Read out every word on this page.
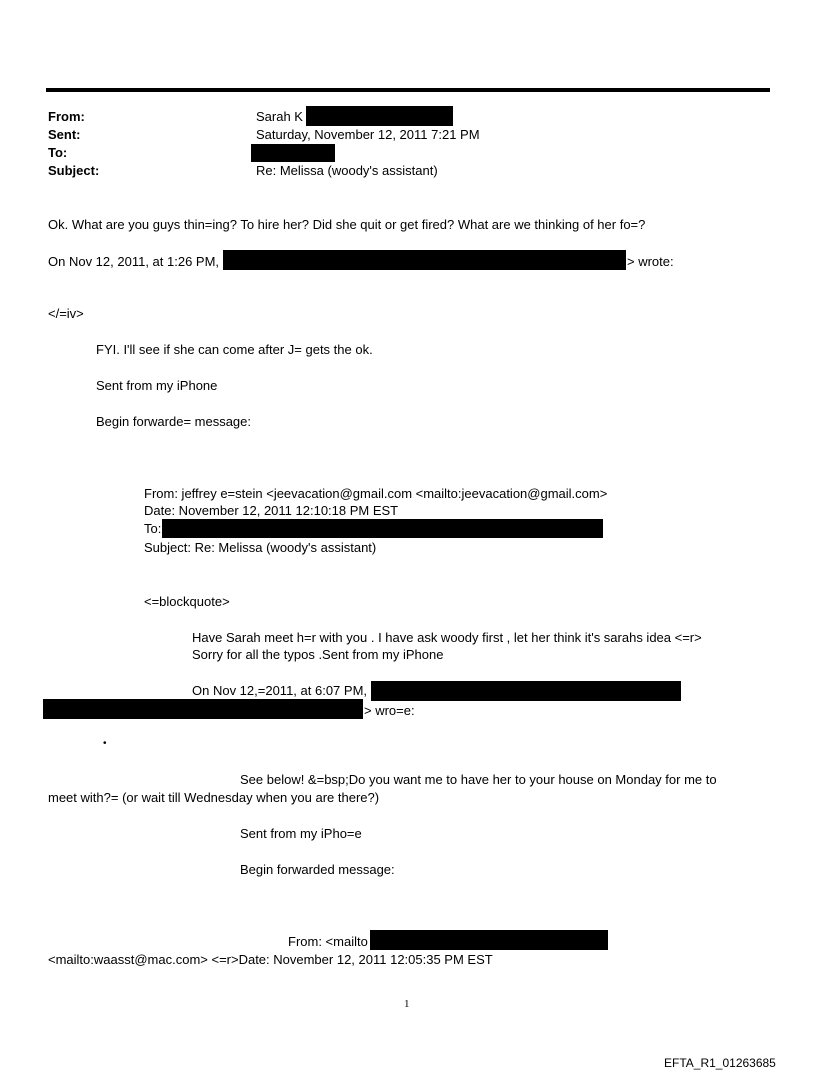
From:	Sarah K
Sent:	Saturday, November 12, 2011 7:21 PM
To:
Subject:	Re: Melissa (woody's assistant)
Ok. What are you guys thin=ing? To hire her? Did she quit or get fired? What are we thinking of her fo=?
On Nov 12, 2011, at 1:26 PM,	> wrote:
</=iv>
FYI. I'll see if she can come after J= gets the ok.
Sent from my iPhone
Begin forwarde= message:
From: jeffrey e=stein <jeevacation@gmail.com <mailto:jeevacation@gmail.com>
Date: November 12, 2011 12:10:18 PM EST
To:
Subject: Re: Melissa (woody's assistant)
<=blockquote>
Have Sarah meet h=r with you . I have ask woody first , let her think it's sarahs idea <=r>
Sorry for all the typos .Sent from my iPhone
On Nov 12,=2011, at 6:07 PM,
> wro=e:
•
See below! &=bsp;Do you want me to have her to your house on Monday for me to
meet with?= (or wait till Wednesday when you are there?)
Sent from my iPho=e
Begin forwarded message:
From: <mailto
<mailto:waasst@mac.com> <=r>Date: November 12, 2011 12:05:35 PM EST
1
EFTA_R1_01263685
